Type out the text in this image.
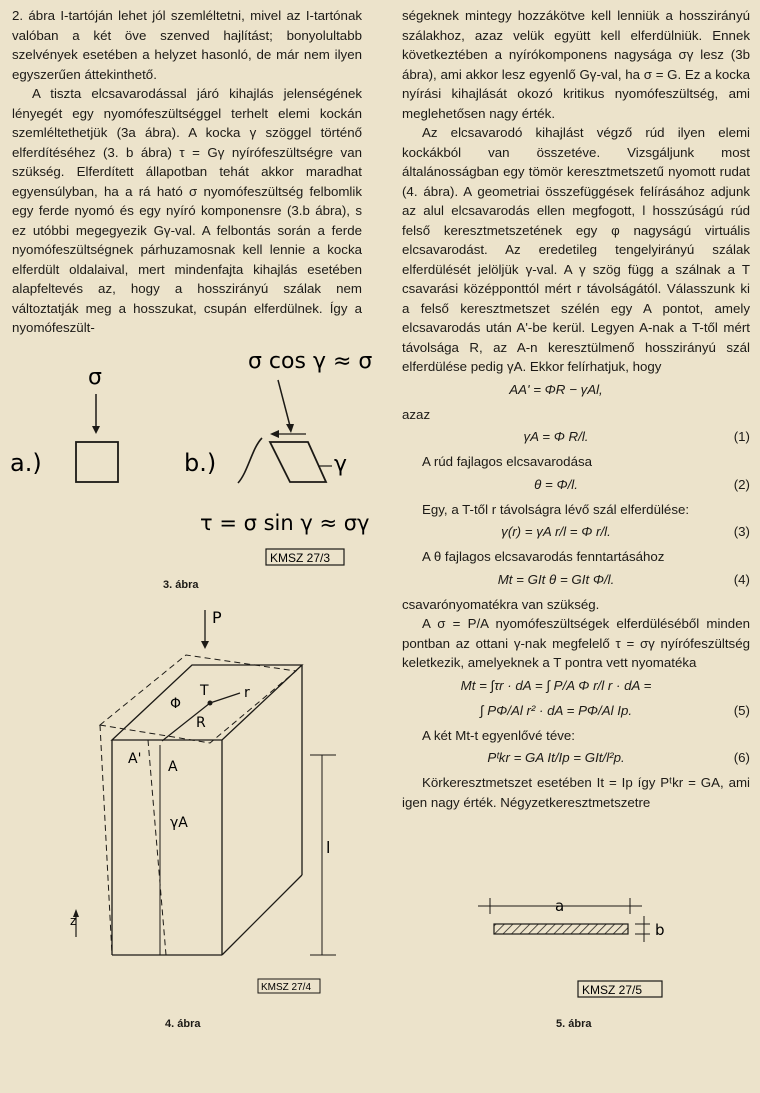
2. ábra I-tartóján lehet jól szemléltetni, mivel az I-tartónak valóban a két öve szenved hajlítást; bonyolultabb szelvények esetében a helyzet hasonló, de már nem ilyen egyszerűen áttekinthető.

A tiszta elcsavarodással járó kihajlás jelenségének lényegét egy nyomófeszültséggel terhelt elemi kockán szemléltethetjük (3a ábra). A kocka γ szöggel történő elferdítéséhez (3. b ábra) τ = Gγ nyírófeszültségre van szükség. Elferdített állapotban tehát akkor maradhat egyensúlyban, ha a rá ható σ nyomófeszültség felbomlik egy ferde nyomó és egy nyíró komponensre (3.b ábra), s ez utóbbi megegyezik Gγ-val. A felbontás során a ferde nyomófeszültségnek párhuzamosnak kell lennie a kocka elferdült oldalaival, mert mindenfajta kihajlás esetében alapfeltevés az, hogy a hosszirányú szálak nem változtatják meg a hosszukat, csupán elferdülnek. Így a nyomófeszült-

ségeknek mintegy hozzákötve kell lenniük a hosszirányú szálakhoz, azaz velük együtt kell elferdülniük. Ennek következtében a nyírókomponens nagysága σγ lesz (3b ábra), ami akkor lesz egyenlő Gγ-val, ha σ = G. Ez a kocka nyírási kihajlását okozó kritikus nyomófeszültség, ami meglehetősen nagy érték.

Az elcsavarodó kihajlást végző rúd ilyen elemi kockákból van összetéve. Vizsgáljunk most általánosságban egy tömör keresztmetszetű nyomott rudat (4. ábra). A geometriai összefüggések felírásához adjunk az alul elcsavarodás ellen megfogott, l hosszúságú rúd felső keresztmetszetének egy φ nagyságú virtuális elcsavarodást. Az eredetileg tengelyirányú szálak elferdülését jelöljük γ-val. A γ szög függ a szálnak a T csavarási középponttól mért r távolságától. Válasszunk ki a felső keresztmetszet szélén egy A pontot, amely elcsavarodás után A'-be kerül. Legyen A-nak a T-től mért távolsága R, az A-n keresztülmenő hosszirányú szál elferdülése pedig γA. Ekkor felírhatjuk, hogy

AA' = ΦR − γAl,

azaz

γA = Φ R/l.	(1)

A rúd fajlagos elcsavarodása

θ = Φ/l.	(2)

Egy, a T-től r távolságra lévő szál elferdülése:

γ(r) = γA r/l = Φ r/l.	(3)

A θ fajlagos elcsavarodás fenntartásához

Mt = GIt θ = GIt Φ/l.	(4)

csavarónyomatékra van szükség.

A σ = P/A nyomófeszültségek elferdüléséből minden pontban az ottani γ-nak megfelelő τ = σγ nyírófeszültség keletkezik, amelyeknek a T pontra vett nyomatéka

Mt = ∫τr · dA = ∫ P/A Φ r/l r · dA =
∫ PΦ/Al r² · dA = PΦ/Al Ip.	(5)

A két Mt-t egyenlővé téve:

Pᵗkr = GA It/Ip = GIt/l²p.	(6)

Körkeresztmetszet esetében It = Ip így Pᵗkr = GA, ami igen nagy érték. Négyzetkeresztmetszetre

σ
a.)	b.)
σ cos γ ≈ σ
γ
τ = σ sin γ ≈ σγ
KMSZ 27/3
3. ábra
P
T	r
Φ
R
A' A
γA
l
z
KMSZ 27/4
4. ábra
a
b
KMSZ 27/5
5. ábra
